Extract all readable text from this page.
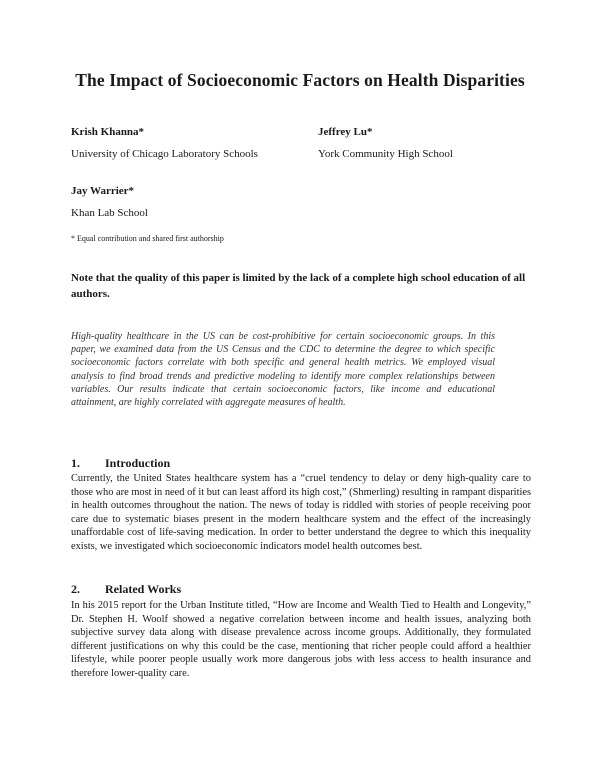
The Impact of Socioeconomic Factors on Health Disparities

Krish Khanna*

University of Chicago Laboratory Schools

Jeffrey Lu*

York Community High School

Jay Warrier*

Khan Lab School

* Equal contribution and shared first authorship

Note that the quality of this paper is limited by the lack of a complete high school education of all authors.

High-quality healthcare in the US can be cost-prohibitive for certain socioeconomic groups. In this paper, we examined data from the US Census and the CDC to determine the degree to which specific socioeconomic factors correlate with both specific and general health metrics. We employed visual analysis to find broad trends and predictive modeling to identify more complex relationships between variables. Our results indicate that certain socioeconomic factors, like income and educational attainment, are highly correlated with aggregate measures of health.

1. Introduction

Currently, the United States healthcare system has a “cruel tendency to delay or deny high-quality care to those who are most in need of it but can least afford its high cost,” (Shmerling) resulting in rampant disparities in health outcomes throughout the nation. The news of today is riddled with stories of people receiving poor care due to systematic biases present in the modern healthcare system and the effect of the increasingly unaffordable cost of life-saving medication. In order to better understand the degree to which this inequality exists, we investigated which socioeconomic indicators model health outcomes best.

2. Related Works

In his 2015 report for the Urban Institute titled, “How are Income and Wealth Tied to Health and Longevity,” Dr. Stephen H. Woolf showed a negative correlation between income and health issues, analyzing both subjective survey data along with disease prevalence across income groups. Additionally, they formulated different justifications on why this could be the case, mentioning that richer people could afford a healthier lifestyle, while poorer people usually work more dangerous jobs with less access to health insurance and therefore lower-quality care.
